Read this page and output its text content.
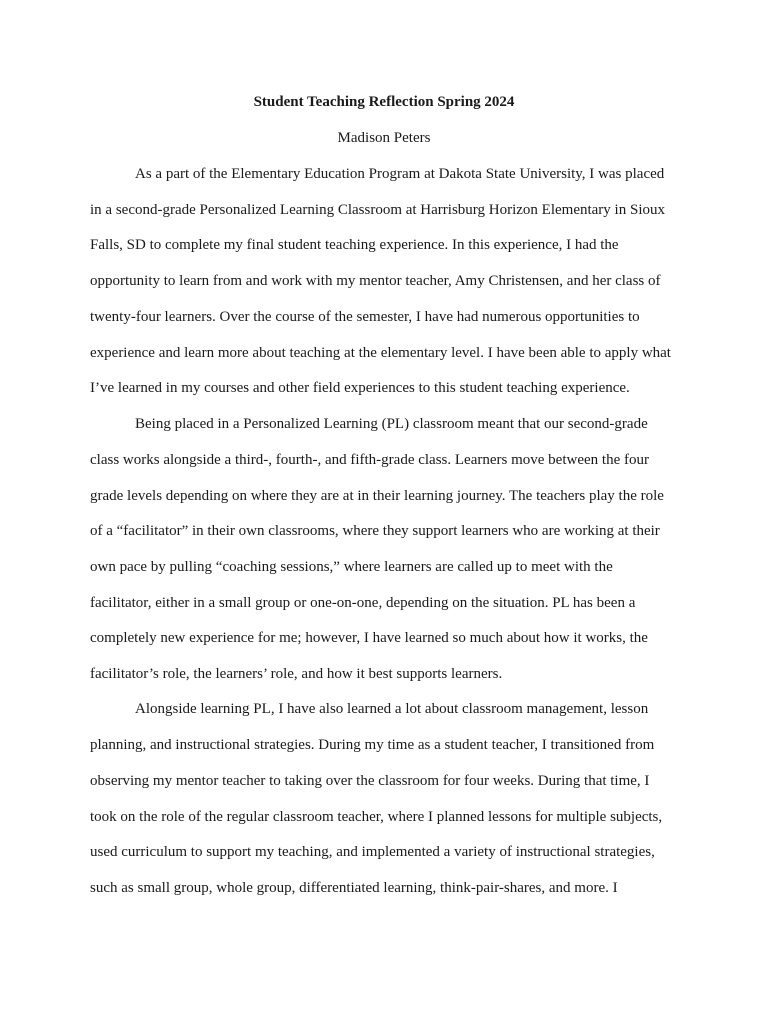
Student Teaching Reflection Spring 2024

Madison Peters

As a part of the Elementary Education Program at Dakota State University, I was placed

in a second-grade Personalized Learning Classroom at Harrisburg Horizon Elementary in Sioux

Falls, SD to complete my final student teaching experience. In this experience, I had the

opportunity to learn from and work with my mentor teacher, Amy Christensen, and her class of

twenty-four learners. Over the course of the semester, I have had numerous opportunities to

experience and learn more about teaching at the elementary level. I have been able to apply what

I’ve learned in my courses and other field experiences to this student teaching experience.

Being placed in a Personalized Learning (PL) classroom meant that our second-grade

class works alongside a third-, fourth-, and fifth-grade class. Learners move between the four

grade levels depending on where they are at in their learning journey. The teachers play the role

of a “facilitator” in their own classrooms, where they support learners who are working at their

own pace by pulling “coaching sessions,” where learners are called up to meet with the

facilitator, either in a small group or one-on-one, depending on the situation. PL has been a

completely new experience for me; however, I have learned so much about how it works, the

facilitator’s role, the learners’ role, and how it best supports learners.

Alongside learning PL, I have also learned a lot about classroom management, lesson

planning, and instructional strategies. During my time as a student teacher, I transitioned from

observing my mentor teacher to taking over the classroom for four weeks. During that time, I

took on the role of the regular classroom teacher, where I planned lessons for multiple subjects,

used curriculum to support my teaching, and implemented a variety of instructional strategies,

such as small group, whole group, differentiated learning, think-pair-shares, and more. I
